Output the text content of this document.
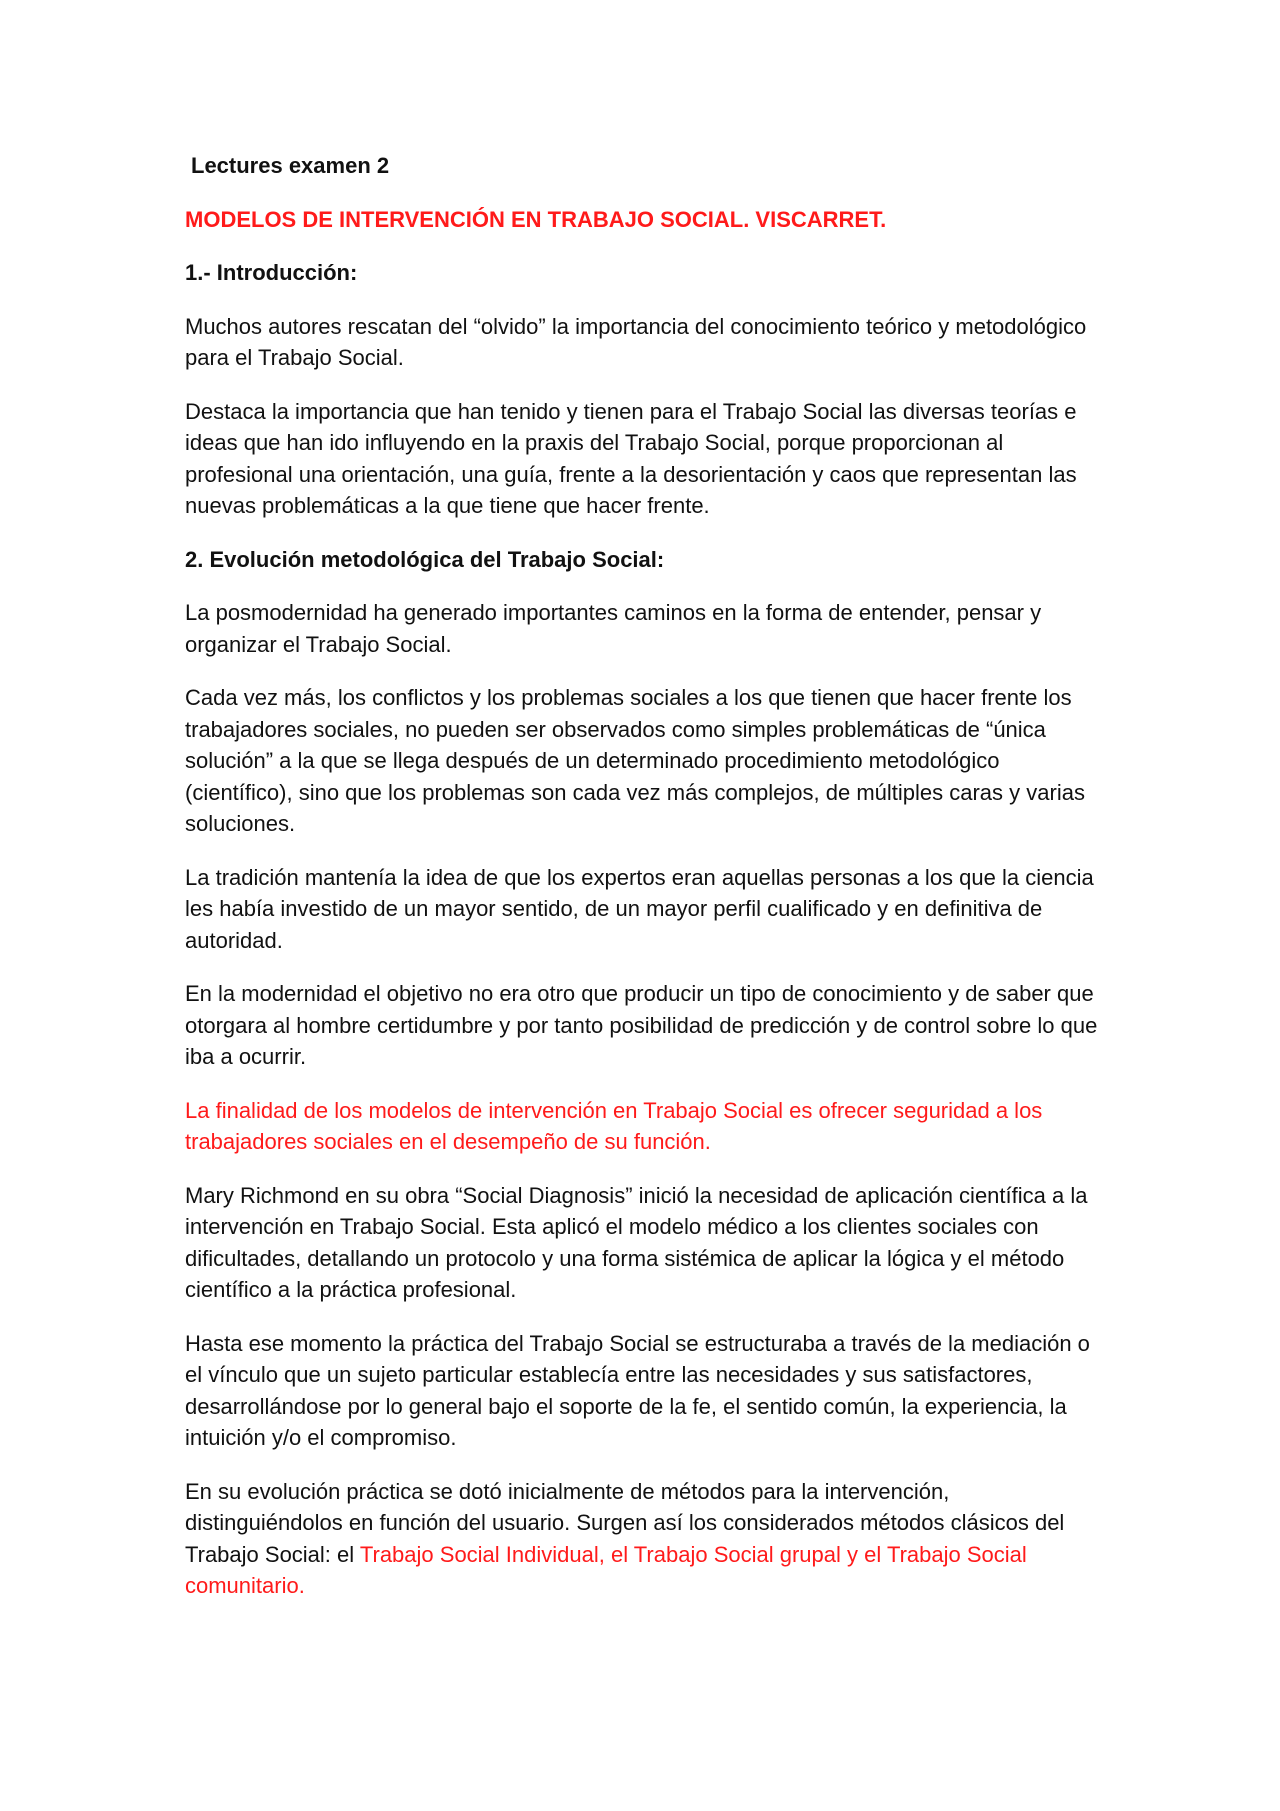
Lectures examen 2

MODELOS DE INTERVENCIÓN EN TRABAJO SOCIAL. VISCARRET.

1.- Introducción:

Muchos autores rescatan del “olvido” la importancia del conocimiento teórico y metodológico para el Trabajo Social.

Destaca la importancia que han tenido y tienen para el Trabajo Social las diversas teorías e ideas que han ido influyendo en la praxis del Trabajo Social, porque proporcionan al profesional una orientación, una guía, frente a la desorientación y caos que representan las nuevas problemáticas a la que tiene que hacer frente.

2. Evolución metodológica del Trabajo Social:

La posmodernidad ha generado importantes caminos en la forma de entender, pensar y organizar el Trabajo Social.

Cada vez más, los conflictos y los problemas sociales a los que tienen que hacer frente los trabajadores sociales, no pueden ser observados como simples problemáticas de “única solución” a la que se llega después de un determinado procedimiento metodológico (científico), sino que los problemas son cada vez más complejos, de múltiples caras y varias soluciones.

La tradición mantenía la idea de que los expertos eran aquellas personas a los que la ciencia les había investido de un mayor sentido, de un mayor perfil cualificado y en definitiva de autoridad.

En la modernidad el objetivo no era otro que producir un tipo de conocimiento y de saber que otorgara al hombre certidumbre y por tanto posibilidad de predicción y de control sobre lo que iba a ocurrir.

La finalidad de los modelos de intervención en Trabajo Social es ofrecer seguridad a los trabajadores sociales en el desempeño de su función.

Mary Richmond en su obra “Social Diagnosis” inició la necesidad de aplicación científica a la intervención en Trabajo Social. Esta aplicó el modelo médico a los clientes sociales con dificultades, detallando un protocolo y una forma sistémica de aplicar la lógica y el método científico a la práctica profesional.

Hasta ese momento la práctica del Trabajo Social se estructuraba a través de la mediación o el vínculo que un sujeto particular establecía entre las necesidades y sus satisfactores, desarrollándose por lo general bajo el soporte de la fe, el sentido común, la experiencia, la intuición y/o el compromiso.

En su evolución práctica se dotó inicialmente de métodos para la intervención, distinguiéndolos en función del usuario. Surgen así los considerados métodos clásicos del Trabajo Social: el Trabajo Social Individual, el Trabajo Social grupal y el Trabajo Social comunitario.
